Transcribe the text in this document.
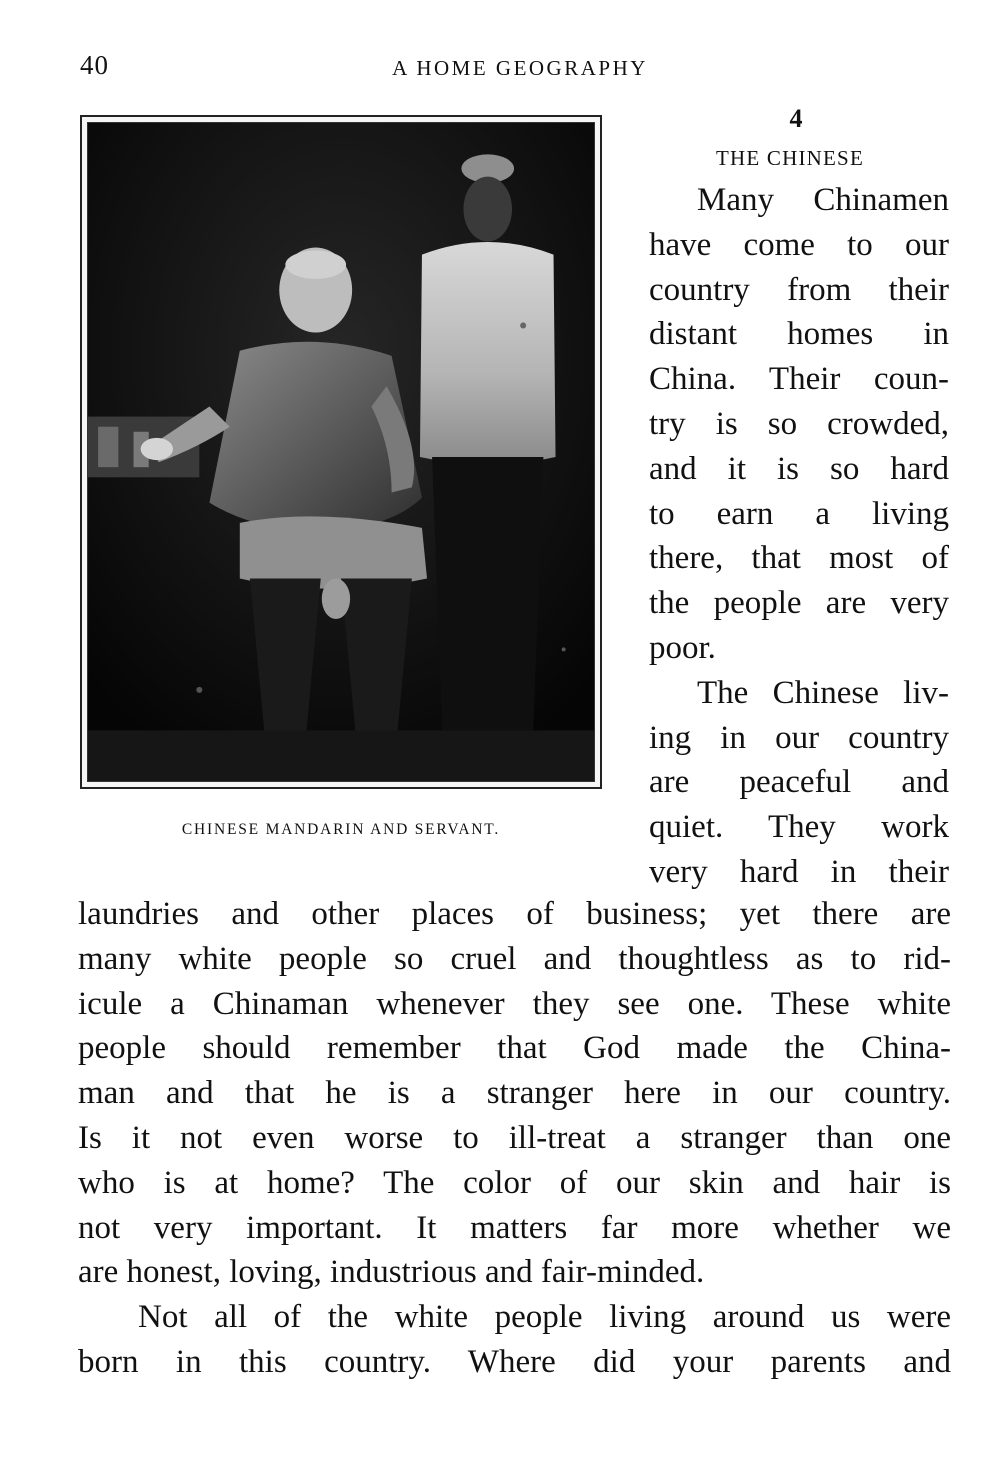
40	A HOME GEOGRAPHY
4
THE CHINESE
CHINESE MANDARIN AND SERVANT.
Many Chinamen
have come to our
country from their
distant homes in
China. Their coun-
try is so crowded,
and it is so hard
to earn a living
there, that most of
the people are very
poor.
The Chinese liv-
ing in our country
are peaceful and
quiet. They work
very hard in their
laundries and other places of business; yet there are
many white people so cruel and thoughtless as to rid-
icule a Chinaman whenever they see one. These white
people should remember that God made the China-
man and that he is a stranger here in our country.
Is it not even worse to ill-treat a stranger than one
who is at home? The color of our skin and hair is
not very important. It matters far more whether we
are honest, loving, industrious and fair-minded.
Not all of the white people living around us were
born in this country. Where did your parents and
